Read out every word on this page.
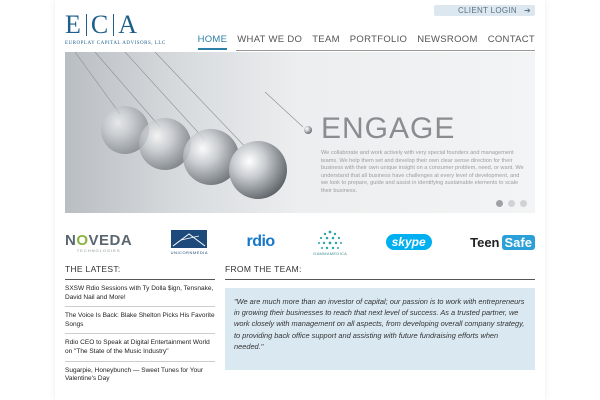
E C A
EUROPLAY CAPITAL ADVISORS, LLC
CLIENT LOGIN ➔
HOME WHAT WE DO TEAM PORTFOLIO NEWSROOM CONTACT
ENGAGE
We collaborate and work actively with very special founders and management teams. We help them set and develop their own clear sense direction for their business with their own unique insight on a consumer problem, need, or want. We understand that all business have challenges at every level of development, and we look to prepare, guide and assist in identifying sustainable elements to scale their business.
NOVEDA
TECHNOLOGIES	UNICORNMEDIA
rdio
GAMMAMEDICA
skype	Teen Safe
THE LATEST:
SXSW Rdio Sessions with Ty Dolla $ign, Tensnake, David Nail and More!
The Voice Is Back: Blake Shelton Picks His Favorite Songs
Rdio CEO to Speak at Digital Entertainment World on "The State of the Music Industry"
Sugarpie, Honeybunch — Sweet Tunes for Your Valentine's Day
FROM THE TEAM:
"We are much more than an investor of capital; our passion is to work with entrepreneurs in growing their businesses to reach that next level of success. As a trusted partner, we work closely with management on all aspects, from developing overall company strategy, to providing back office support and assisting with future fundraising efforts when needed."
